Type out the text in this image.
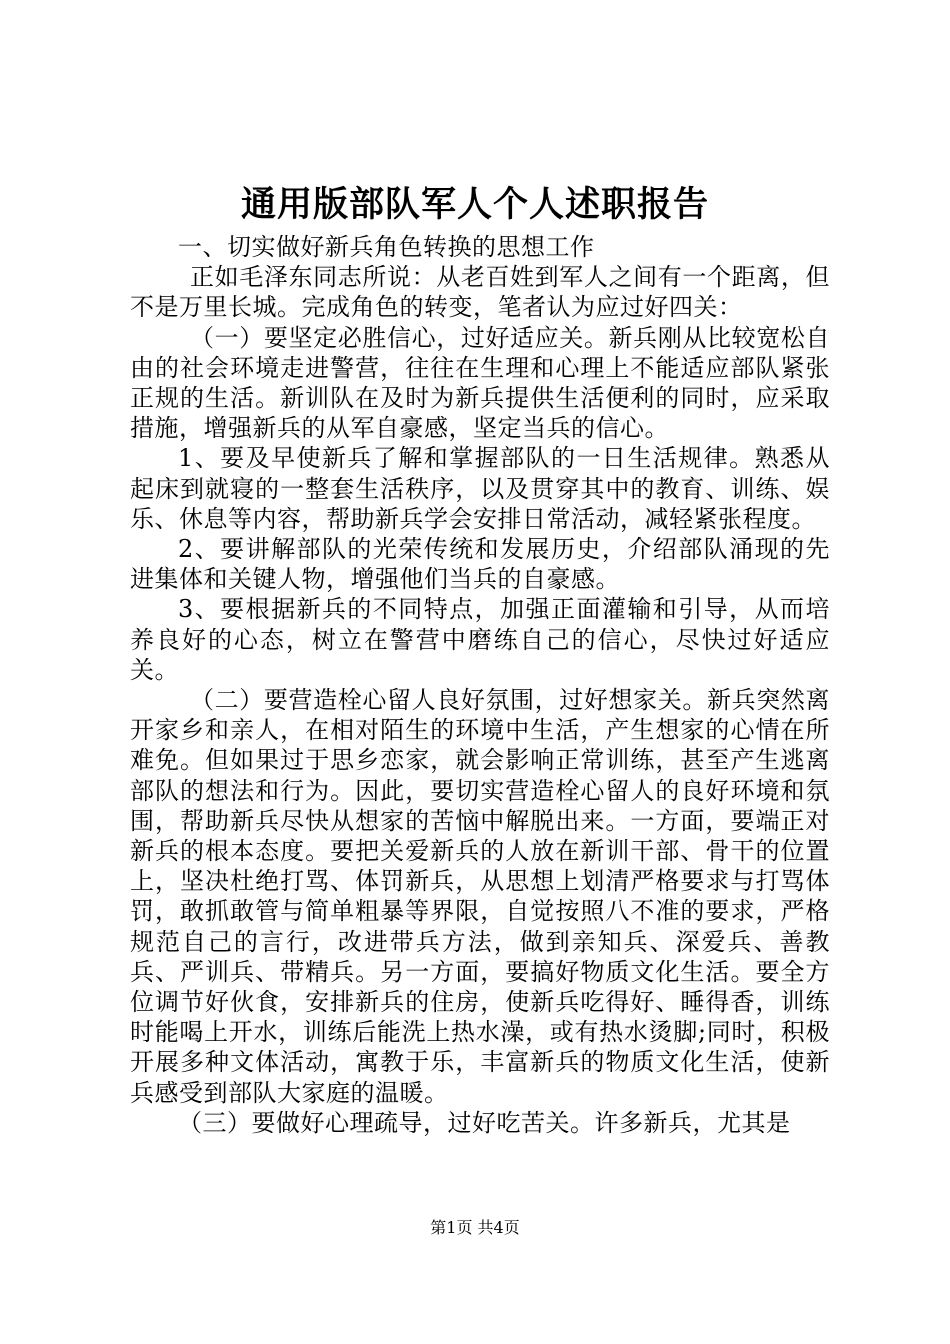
通用版部队军人个人述职报告

一、切实做好新兵角色转换的思想工作

正如毛泽东同志所说：从老百姓到军人之间有一个距离，但不是万里长城。完成角色的转变，笔者认为应过好四关：

（一）要坚定必胜信心，过好适应关。新兵刚从比较宽松自由的社会环境走进警营，往往在生理和心理上不能适应部队紧张正规的生活。新训队在及时为新兵提供生活便利的同时，应采取措施，增强新兵的从军自豪感，坚定当兵的信心。

1、要及早使新兵了解和掌握部队的一日生活规律。熟悉从起床到就寝的一整套生活秩序，以及贯穿其中的教育、训练、娱乐、休息等内容，帮助新兵学会安排日常活动，减轻紧张程度。

2、要讲解部队的光荣传统和发展历史，介绍部队涌现的先进集体和关键人物，增强他们当兵的自豪感。

3、要根据新兵的不同特点，加强正面灌输和引导，从而培养良好的心态，树立在警营中磨练自己的信心，尽快过好适应关。

（二）要营造栓心留人良好氛围，过好想家关。新兵突然离开家乡和亲人，在相对陌生的环境中生活，产生想家的心情在所难免。但如果过于思乡恋家，就会影响正常训练，甚至产生逃离部队的想法和行为。因此，要切实营造栓心留人的良好环境和氛围，帮助新兵尽快从想家的苦恼中解脱出来。一方面，要端正对新兵的根本态度。要把关爱新兵的人放在新训干部、骨干的位置上，坚决杜绝打骂、体罚新兵，从思想上划清严格要求与打骂体罚，敢抓敢管与简单粗暴等界限，自觉按照八不准的要求，严格规范自己的言行，改进带兵方法，做到亲知兵、深爱兵、善教兵、严训兵、带精兵。另一方面，要搞好物质文化生活。要全方位调节好伙食，安排新兵的住房，使新兵吃得好、睡得香，训练时能喝上开水，训练后能洗上热水澡，或有热水烫脚;同时，积极开展多种文体活动，寓教于乐，丰富新兵的物质文化生活，使新兵感受到部队大家庭的温暖。

（三）要做好心理疏导，过好吃苦关。许多新兵，尤其是

第1页 共4页
